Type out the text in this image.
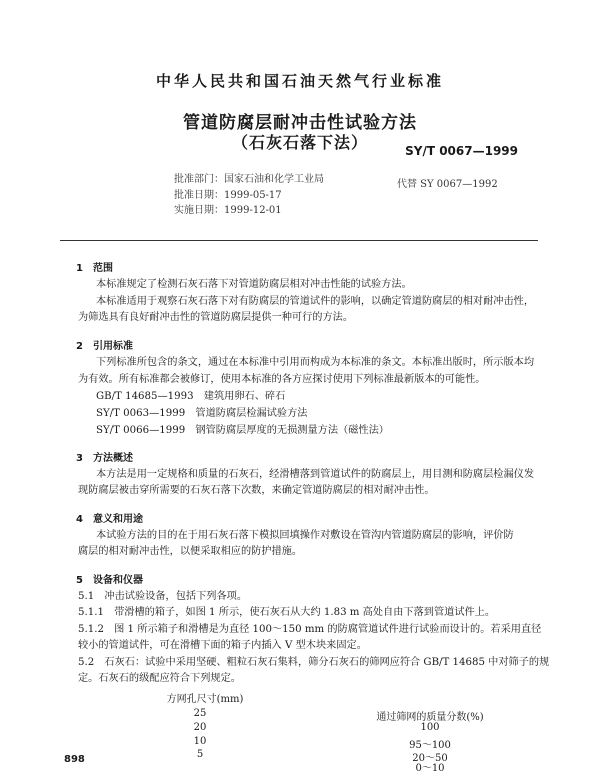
中华人民共和国石油天然气行业标准
管道防腐层耐冲击性试验方法
（石灰石落下法）	SY/T 0067—1999
批准部门：国家石油和化学工业局
批准日期：1999-05-17
实施日期：1999-12-01
代替 SY 0067—1992
1　范围
本标准规定了检测石灰石落下对管道防腐层相对冲击性能的试验方法。
本标准适用于观察石灰石落下对有防腐层的管道试件的影响，以确定管道防腐层的相对耐冲击性，
为筛选具有良好耐冲击性的管道防腐层提供一种可行的方法。
2　引用标准
下列标准所包含的条文，通过在本标准中引用而构成为本标准的条文。本标准出版时，所示版本均
为有效。所有标准都会被修订，使用本标准的各方应探讨使用下列标准最新版本的可能性。
GB/T 14685—1993　建筑用卵石、碎石
SY/T 0063—1999　管道防腐层检漏试验方法
SY/T 0066—1999　钢管防腐层厚度的无损测量方法（磁性法）
3　方法概述
本方法是用一定规格和质量的石灰石，经滑槽落到管道试件的防腐层上，用目测和防腐层检漏仪发
现防腐层被击穿所需要的石灰石落下次数，来确定管道防腐层的相对耐冲击性。
4　意义和用途
本试验方法的目的在于用石灰石落下模拟回填操作对敷设在管沟内管道防腐层的影响，评价防
腐层的相对耐冲击性，以便采取相应的防护措施。
5　设备和仪器
5.1　冲击试验设备，包括下列各项。
5.1.1　带滑槽的箱子，如图 1 所示，使石灰石从大约 1.83 m 高处自由下落到管道试件上。
5.1.2　图 1 所示箱子和滑槽是为直径 100～150 mm 的防腐管道试件进行试验而设计的。若采用直径
较小的管道试件，可在滑槽下面的箱子内插入 V 型木块来固定。
5.2　石灰石：试验中采用坚硬、粗粒石灰石集料，筛分石灰石的筛网应符合 GB/T 14685 中对筛子的规
定。石灰石的级配应符合下列规定。
方网孔尺寸(mm)
通过筛网的质量分数(%)
25
100
20
95～100
10
20～50
5
0～10
898
